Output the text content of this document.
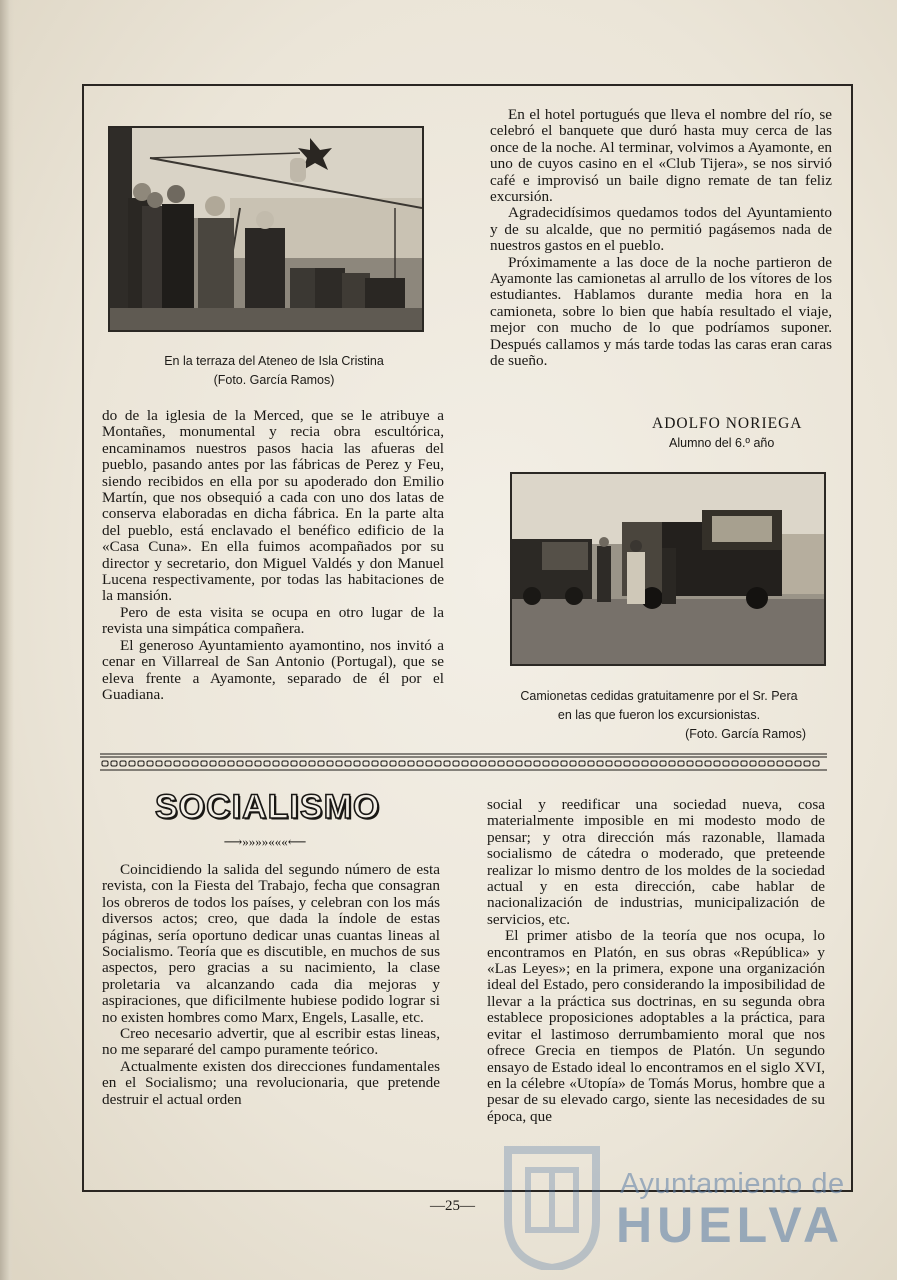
En la terraza del Ateneo de Isla Cristina
(Foto. García Ramos)

do de la iglesia de la Merced, que se le atribuye a Montañes, monumental y recia obra escultórica, encaminamos nuestros pasos hacia las afueras del pueblo, pasando antes por las fábricas de Perez y Feu, siendo recibidos en ella por su apoderado don Emilio Martín, que nos obsequió a cada con uno dos latas de conserva elaboradas en dicha fábrica. En la parte alta del pueblo, está enclavado el benéfico edificio de la «Casa Cuna». En ella fuimos acompañados por su director y secretario, don Miguel Valdés y don Manuel Lucena respectivamente, por todas las habitaciones de la mansión.

Pero de esta visita se ocupa en otro lugar de la revista una simpática compañera.

El generoso Ayuntamiento ayamontino, nos invitó a cenar en Villarreal de San Antonio (Portugal), que se eleva frente a Ayamonte, separado de él por el Guadiana.

En el hotel portugués que lleva el nombre del río, se celebró el banquete que duró hasta muy cerca de las once de la noche. Al terminar, volvimos a Ayamonte, en uno de cuyos casino en el «Club Tijera», se nos sirvió café e improvisó un baile digno remate de tan feliz excursión.

Agradecidísimos quedamos todos del Ayuntamiento y de su alcalde, que no permitió pagásemos nada de nuestros gastos en el pueblo.

Próximamente a las doce de la noche partieron de Ayamonte las camionetas al arrullo de los vítores de los estudiantes. Hablamos durante media hora en la camioneta, sobre lo bien que había resultado el viaje, mejor con mucho de lo que podríamos suponer. Después callamos y más tarde todas las caras eran caras de sueño.

ADOLFO NORIEGA
Alumno del 6.º año
Camionetas cedidas gratuitamenre por el Sr. Pera
en las que fueron los excursionistas.
(Foto. García Ramos)
SOCIALISMO
⟶»»»»«««⟵

Coincidiendo la salida del segundo número de esta revista, con la Fiesta del Trabajo, fecha que consagran los obreros de todos los países, y celebran con los más diversos actos; creo, que dada la índole de estas páginas, sería oportuno dedicar unas cuantas lineas al Socialismo. Teoría que es discutible, en muchos de sus aspectos, pero gracias a su nacimiento, la clase proletaria va alcanzando cada dia mejoras y aspiraciones, que dificilmente hubiese podido lograr si no existen hombres como Marx, Engels, Lasalle, etc.

Creo necesario advertir, que al escribir estas lineas, no me separaré del campo puramente teórico.

Actualmente existen dos direcciones fundamentales en el Socialismo; una revolucionaria, que pretende destruir el actual orden

social y reedificar una sociedad nueva, cosa materialmente imposible en mi modesto modo de pensar; y otra dirección más razonable, llamada socialismo de cátedra o moderado, que preteende realizar lo mismo dentro de los moldes de la sociedad actual y en esta dirección, cabe hablar de nacionalización de industrias, municipalización de servicios, etc.

El primer atisbo de la teoría que nos ocupa, lo encontramos en Platón, en sus obras «República» y «Las Leyes»; en la primera, expone una organización ideal del Estado, pero considerando la imposibilidad de llevar a la práctica sus doctrinas, en su segunda obra establece proposiciones adoptables a la práctica, para evitar el lastimoso derrumbamiento moral que nos ofrece Grecia en tiempos de Platón. Un segundo ensayo de Estado ideal lo encontramos en el siglo XVI, en la célebre «Utopía» de Tomás Morus, hombre que a pesar de su elevado cargo, siente las necesidades de su época, que

Ayuntamiento de
HUELVA
—25—
